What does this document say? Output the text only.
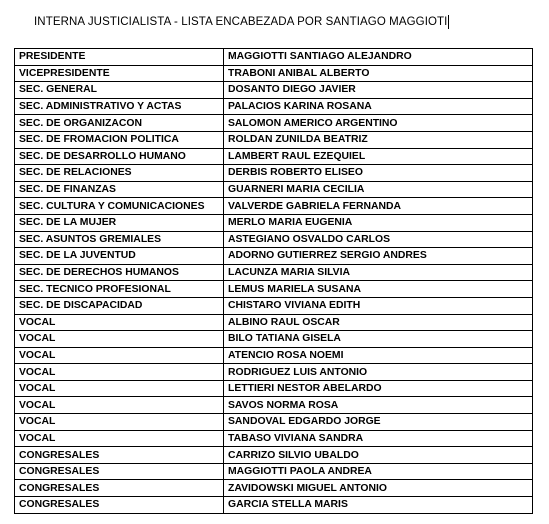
INTERNA JUSTICIALISTA - LISTA ENCABEZADA POR SANTIAGO MAGGIOTI
PRESIDENTE	MAGGIOTTI SANTIAGO ALEJANDRO
VICEPRESIDENTE	TRABONI ANIBAL ALBERTO
SEC. GENERAL	DOSANTO DIEGO JAVIER
SEC. ADMINISTRATIVO Y ACTAS	PALACIOS KARINA ROSANA
SEC. DE ORGANIZACON	SALOMON AMERICO ARGENTINO
SEC. DE FROMACION POLITICA	ROLDAN ZUNILDA BEATRIZ
SEC. DE DESARROLLO HUMANO	LAMBERT RAUL EZEQUIEL
SEC. DE RELACIONES	DERBIS ROBERTO ELISEO
SEC. DE FINANZAS	GUARNERI MARIA CECILIA
SEC. CULTURA Y COMUNICACIONES	VALVERDE GABRIELA FERNANDA
SEC. DE LA MUJER	MERLO MARIA EUGENIA
SEC. ASUNTOS GREMIALES	ASTEGIANO OSVALDO CARLOS
SEC. DE LA JUVENTUD	ADORNO GUTIERREZ SERGIO ANDRES
SEC. DE DERECHOS HUMANOS	LACUNZA MARIA SILVIA
SEC. TECNICO PROFESIONAL	LEMUS MARIELA SUSANA
SEC. DE DISCAPACIDAD	CHISTARO VIVIANA EDITH
VOCAL	ALBINO RAUL OSCAR
VOCAL	BILO TATIANA GISELA
VOCAL	ATENCIO ROSA NOEMI
VOCAL	RODRIGUEZ LUIS ANTONIO
VOCAL	LETTIERI NESTOR ABELARDO
VOCAL	SAVOS NORMA ROSA
VOCAL	SANDOVAL EDGARDO JORGE
VOCAL	TABASO VIVIANA SANDRA
CONGRESALES	CARRIZO SILVIO UBALDO
CONGRESALES	MAGGIOTTI PAOLA ANDREA
CONGRESALES	ZAVIDOWSKI MIGUEL ANTONIO
CONGRESALES	GARCIA STELLA MARIS
